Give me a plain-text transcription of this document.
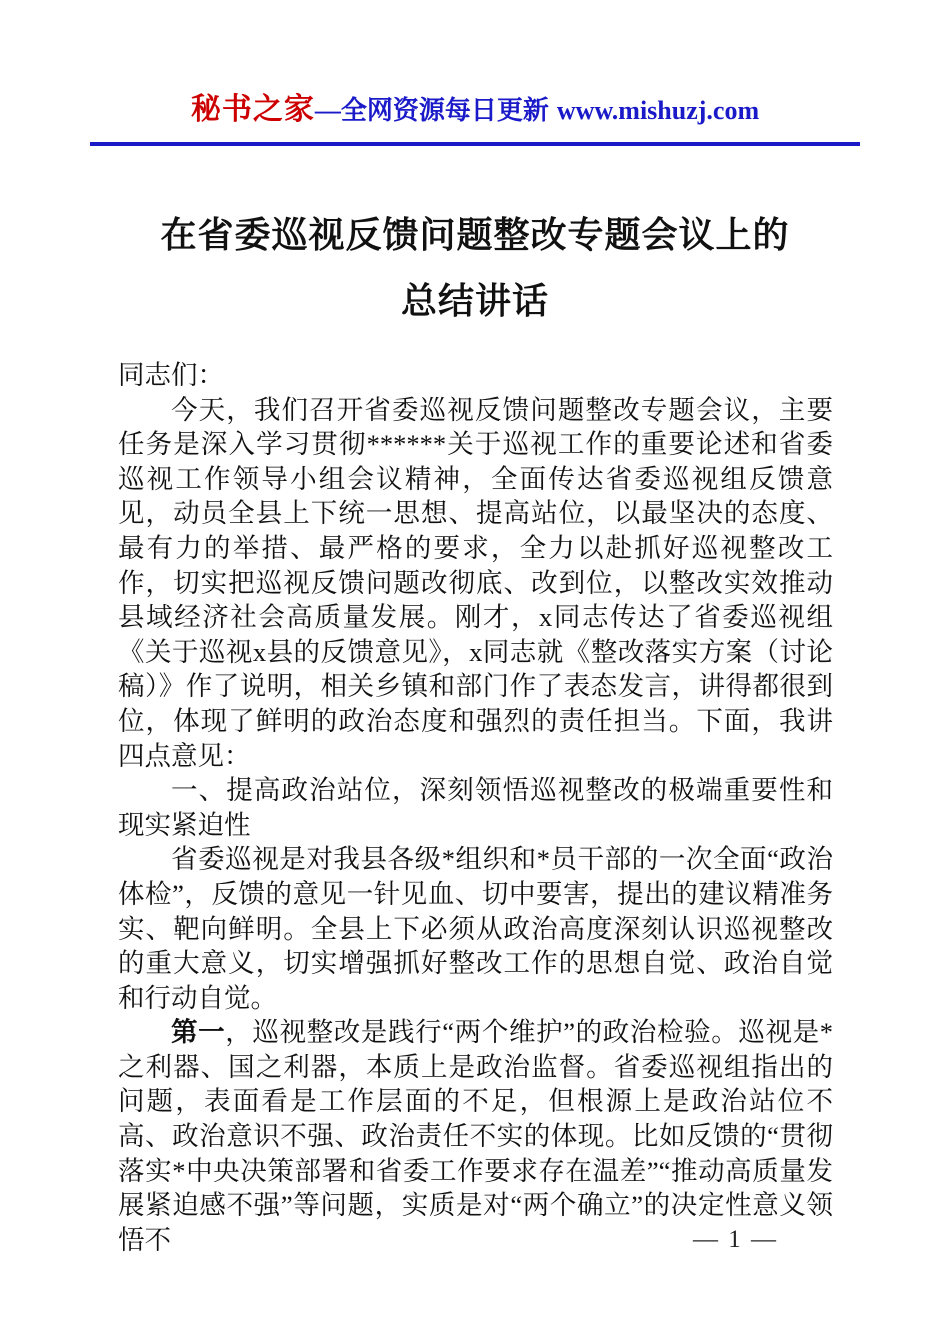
秘书之家—全网资源每日更新 www.mishuzj.com
在省委巡视反馈问题整改专题会议上的
总结讲话

同志们：

今天，我们召开省委巡视反馈问题整改专题会议，主要任务是深入学习贯彻******关于巡视工作的重要论述和省委巡视工作领导小组会议精神，全面传达省委巡视组反馈意见，动员全县上下统一思想、提高站位，以最坚决的态度、最有力的举措、最严格的要求，全力以赴抓好巡视整改工作，切实把巡视反馈问题改彻底、改到位，以整改实效推动县域经济社会高质量发展。刚才，x同志传达了省委巡视组《关于巡视x县的反馈意见》，x同志就《整改落实方案（讨论稿）》作了说明，相关乡镇和部门作了表态发言，讲得都很到位，体现了鲜明的政治态度和强烈的责任担当。下面，我讲四点意见：

一、提高政治站位，深刻领悟巡视整改的极端重要性和现实紧迫性

省委巡视是对我县各级*组织和*员干部的一次全面“政治体检”，反馈的意见一针见血、切中要害，提出的建议精准务实、靶向鲜明。全县上下必须从政治高度深刻认识巡视整改的重大意义，切实增强抓好整改工作的思想自觉、政治自觉和行动自觉。

第一，巡视整改是践行“两个维护”的政治检验。巡视是*之利器、国之利器，本质上是政治监督。省委巡视组指出的问题，表面看是工作层面的不足，但根源上是政治站位不高、政治意识不强、政治责任不实的体现。比如反馈的“贯彻落实*中央决策部署和省委工作要求存在温差”“推动高质量发展紧迫感不强”等问题，实质是对“两个确立”的决定性意义领悟不	— 1 —
